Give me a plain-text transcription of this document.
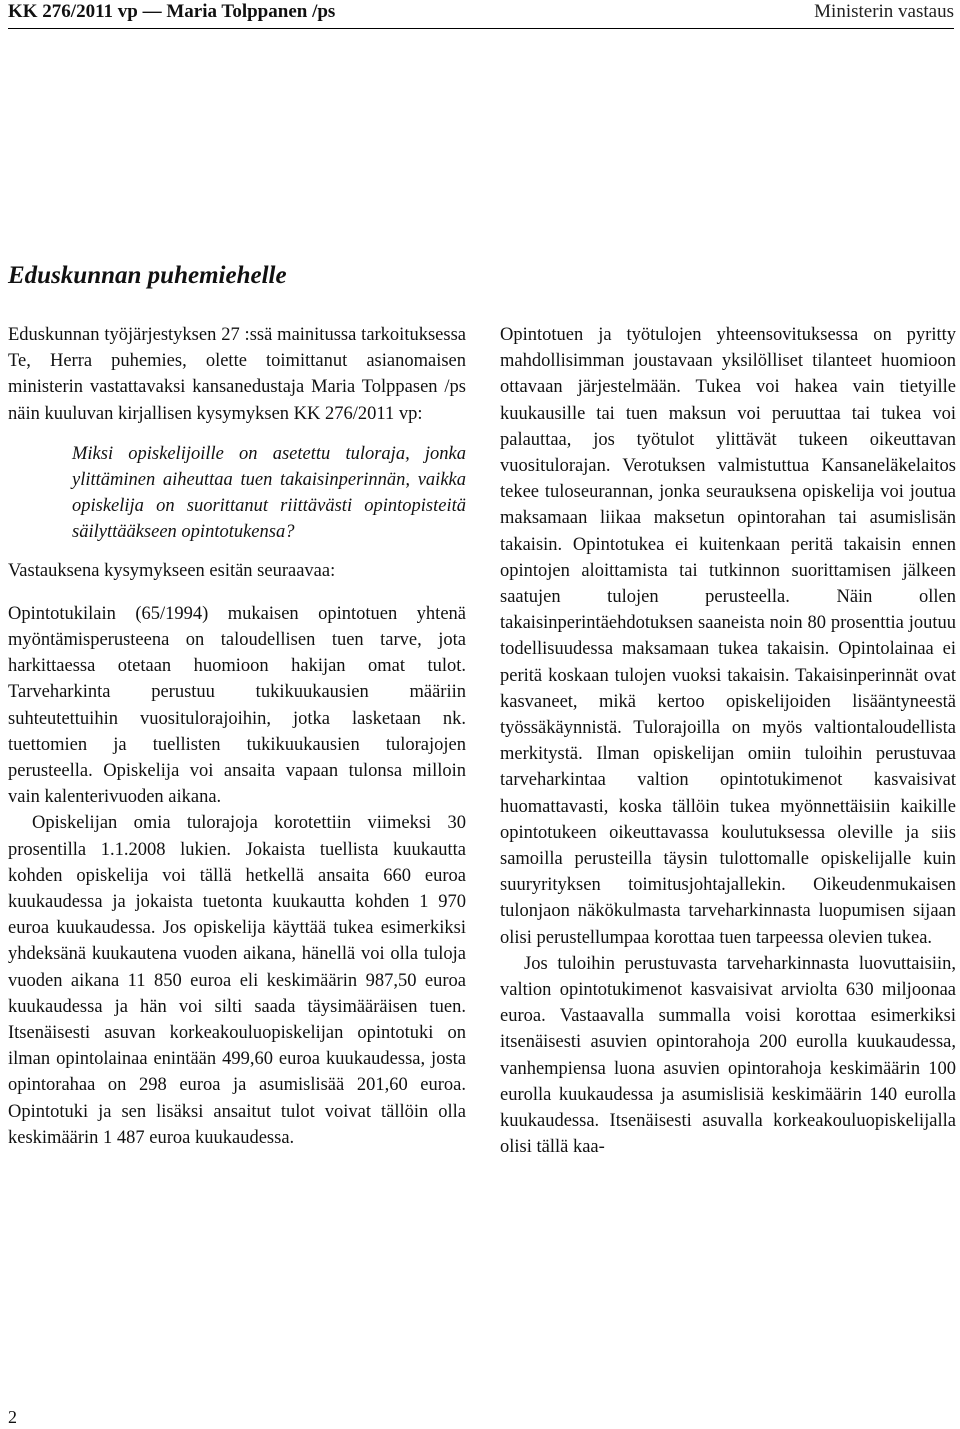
KK 276/2011 vp — Maria Tolppanen /ps	Ministerin vastaus
Eduskunnan puhemiehelle

Eduskunnan työjärjestyksen 27 :ssä mainitussa tarkoituksessa Te, Herra puhemies, olette toimittanut asianomaisen ministerin vastattavaksi kansanedustaja Maria Tolppasen /ps näin kuuluvan kirjallisen kysymyksen KK 276/2011 vp:

Miksi opiskelijoille on asetettu tuloraja, jonka ylittäminen aiheuttaa tuen takaisinperinnän, vaikka opiskelija on suorittanut riittävästi opintopisteitä säilyttääkseen opintotukensa?

Vastauksena kysymykseen esitän seuraavaa:

Opintotukilain (65/1994) mukaisen opintotuen yhtenä myöntämisperusteena on taloudellisen tuen tarve, jota harkittaessa otetaan huomioon hakijan omat tulot. Tarveharkinta perustuu tukikuukausien määriin suhteutettuihin vuositulorajoihin, jotka lasketaan nk. tuettomien ja tuellisten tukikuukausien tulorajojen perusteella. Opiskelija voi ansaita vapaan tulonsa milloin vain kalenterivuoden aikana.

Opiskelijan omia tulorajoja korotettiin viimeksi 30 prosentilla 1.1.2008 lukien. Jokaista tuellista kuukautta kohden opiskelija voi tällä hetkellä ansaita 660 euroa kuukaudessa ja jokaista tuetonta kuukautta kohden 1 970 euroa kuukaudessa. Jos opiskelija käyttää tukea esimerkiksi yhdeksänä kuukautena vuoden aikana, hänellä voi olla tuloja vuoden aikana 11 850 euroa eli keskimäärin 987,50 euroa kuukaudessa ja hän voi silti saada täysimääräisen tuen. Itsenäisesti asuvan korkeakouluopiskelijan opintotuki on ilman opintolainaa enintään 499,60 euroa kuukaudessa, josta opintorahaa on 298 euroa ja asumislisää 201,60 euroa. Opintotuki ja sen lisäksi ansaitut tulot voivat tällöin olla keskimäärin 1 487 euroa kuukaudessa.

Opintotuen ja työtulojen yhteensovituksessa on pyritty mahdollisimman joustavaan yksilölliset tilanteet huomioon ottavaan järjestelmään. Tukea voi hakea vain tietyille kuukausille tai tuen maksun voi peruuttaa tai tukea voi palauttaa, jos työtulot ylittävät tukeen oikeuttavan vuositulorajan. Verotuksen valmistuttua Kansaneläkelaitos tekee tuloseurannan, jonka seurauksena opiskelija voi joutua maksamaan liikaa maksetun opintorahan tai asumislisän takaisin. Opintotukea ei kuitenkaan peritä takaisin ennen opintojen aloittamista tai tutkinnon suorittamisen jälkeen saatujen tulojen perusteella. Näin ollen takaisinperintäehdotuksen saaneista noin 80 prosenttia joutuu todellisuudessa maksamaan tukea takaisin. Opintolainaa ei peritä koskaan tulojen vuoksi takaisin. Takaisinperinnät ovat kasvaneet, mikä kertoo opiskelijoiden lisääntyneestä työssäkäynnistä. Tulorajoilla on myös valtiontaloudellista merkitystä. Ilman opiskelijan omiin tuloihin perustuvaa tarveharkintaa valtion opintotukimenot kasvaisivat huomattavasti, koska tällöin tukea myönnettäisiin kaikille opintotukeen oikeuttavassa koulutuksessa oleville ja siis samoilla perusteilla täysin tulottomalle opiskelijalle kuin suuryrityksen toimitusjohtajallekin. Oikeudenmukaisen tulonjaon näkökulmasta tarveharkinnasta luopumisen sijaan olisi perustellumpaa korottaa tuen tarpeessa olevien tukea.

Jos tuloihin perustuvasta tarveharkinnasta luovuttaisiin, valtion opintotukimenot kasvaisivat arviolta 630 miljoonaa euroa. Vastaavalla summalla voisi korottaa esimerkiksi itsenäisesti asuvien opintorahoja 200 eurolla kuukaudessa, vanhempiensa luona asuvien opintorahoja keskimäärin 100 eurolla kuukaudessa ja asumislisiä keskimäärin 140 eurolla kuukaudessa. Itsenäisesti asuvalla korkeakouluopiskelijalla olisi tällä kaa-

2
